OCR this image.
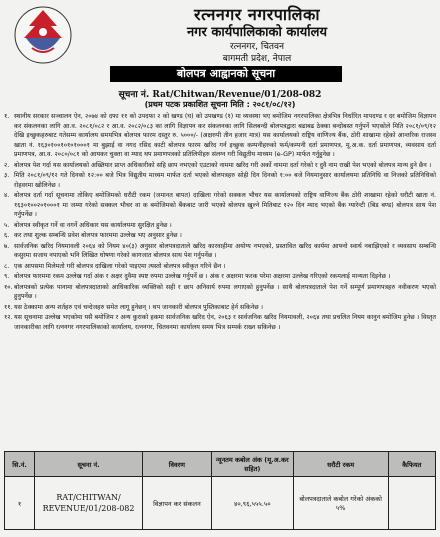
रत्ननगर नगरपालिका
नगर कार्यपालिकाको कार्यालय
रत्ननगर, चितवन
बागमती प्रदेश, नेपाल
बोलपत्र आह्वानको सूचना
सूचना नं. Rat/Chitwan/Revenue/01/208-082
(प्रथम पटक प्रकाशित सूचना मिति : २०८१/०८/१२)
१. स्थानीय सरकार सञ्चालन ऐन, २०७४ को दफा ११ को उपदफा २ को खण्ड (घ) को उपखण्ड (१) मा व्यवस्था भए बमोजिम नगरपालिका क्षेत्रभित्र निर्धारित मापदण्ड र दर बमोजिम विज्ञापन कर संकलनका लागि आ.व. २०८१/०८२ र आ.व. २०८२/०८३ का लागि विज्ञापन कर संकलनका लागि सिलबन्दी बोलपत्रद्वारा बढाबढ ठेक्का बन्दोबस्त गर्नुपर्ने भएकोले मिति २०८१/०९/१२ देखि इच्छुकहरुबाट गतेसम्म कार्यालय समयभित्र बोलपत्र फारम दस्तुर रु. ५०००/- (अक्षरुपी तीन हजार मात्र) यस कार्यालयको राष्ट्रिय वाणिज्य बैंक, ठोरी शाखामा रहेको आन्तरिक राजस्व खाता नं. १६३०१००१०१०१०००१ मा बुझाई वा नगद रसिद काटी बोलपत्र फारम खरिद गर्न इच्छुक कम्पनीहरुको फर्म/कम्पनी दर्ता प्रमाणपत्र, मू.अ.क. दर्ता प्रमाणपत्र, व्यवसाय दर्ता प्रमाणपत्र, आ.व. २०८०/०८१ को आयकर चुक्ता वा म्याद थप प्रमाणपत्रको प्रतिलिपीहरु संलग्न गरी विद्युतीय माध्यम (e-GP) मार्फत गर्नुहुनेछ ।
२. बोलपत्र पेश गर्दा यस कार्यालयको अख्तियार प्राप्त अधिकारीको सहि छाप नभएको एउटाको नाममा खरिद गरी अर्को नाममा दर्ता गरेको र दुवै नाम राखी पेश भएको बोलपत्र मान्य हुने छैन ।
३. मिति २०८१/०९/१२ गते दिनको १२:०० बजे भित्र विद्युतीय माध्यम मार्फत दर्ता भएको बोलपत्रहरु सोही दिन दिनको १:०० बजे नियमानुसार कार्यालयमा प्रतिनिधि वा निजको प्रतिनिधिको रोहवरमा खोलिनेछ ।
४. बोलपत्र दर्ता गर्दा सूचनामा तोकिए बमोजिमको धरौटी रकम (जमानत बापत) दाखिला गरेको सक्कल भौचर यस कार्यालयको राष्ट्रिय वाणिज्य बैंक ठोरी शाखामा रहेको धरौटी खाता नं. १६३०१००२०१०००१ मा जम्मा गरेको सक्कल भौचर वा क बमोजिमको बैंकबाट जारी भएको बोलपत्र खुल्ने मितिबाट १२० दिन म्याद भएको बैंक ग्यारेन्टी (बिड बण्ड) बोलपत्र साथ पेश गर्नुपर्नेछ ।
५. बोलपत्र स्वीकृत गर्ने वा नगर्ने अधिकार यस कार्यालयमा सुरक्षित हुनेछ ।
६. कर तथा शुल्क सम्बन्धि प्रवेश बोलपत्र फारममा उल्लेख भए अनुसार हुनेछ ।
७. सार्वजनिक खरिद नियमावली २०६४ को नियम ४०(३) अनुसार बोलपत्रदाताले खरिद कारवाहीमा अयोग्य नभएको, प्रस्तावित खरिद कार्यमा आफ्नो स्वार्थ नबाझिएको र व्यवसाय सम्बन्धि कसुरमा सजाय नपाएको भनि लिखित घोषणा गरेको कागजात बोलपत्र साथ पेश गर्नुपर्नेछ ।
८. एक आपसमा मिलेमतो गरी बोलपत्र दाखिला गरेको पाइएमा त्यस्तो बोलपत्र स्वीकृत गरिने छैन ।
९. बोलपत्र फारममा रकम उल्लेख गर्दा अंक र अक्षर दुवैमा स्पष्ट रुपमा उल्लेख गर्नुपर्ने छ । अंक र अक्षरमा फरक परेमा अक्षरमा उल्लेख गरिएको रकमलाई मान्यता दिइनेछ ।
१०. बोलपत्रको प्रत्येक पानामा बोलपत्रदाताको आधिकारिक व्यक्तिको सही र छाप अनिवार्य रुपमा लगाएको हुनुपर्नेछ । साथै बोलपत्रदाताले पेश गर्ने सम्पूर्ण प्रमाणपत्रहरु नवीकरण भएको हुनुपर्नेछ ।
११. यस ठेक्कामा अन्य शर्तहरु एवं चन्देजहरु समेत लागू हुनेछन् । थप जानकारी बोलपत्र पुस्तिकाबाट हेर्न सकिनेछ ।
१२. यस सूचनामा उल्लेख भएकोमा यसै बमोजिम र अन्य कुराको हकमा सार्वजनिक खरिद ऐन, २०६३ र सार्वजनिक खरिद नियमावली, २०६४ तथा प्रचलित नियम कानुन बमोजिम हुनेछ । विस्तृत जानकारीका लागि रत्ननगर नगरपालिकाको कार्यालय, रत्ननगर, चितवनमा कार्यालय समय भित्र सम्पर्क राख्न सकिनेछ ।
सि.नं.	सूचना नं.	विवरण	न्यूनतम कबोल अंक (मू.अ.कर सहित)	धरौटी रकम	कैफियत
१	RAT/CHITWAN/ REVENUE/01/208-082	विज्ञापन कर संकलन	४०,९६,५५५.५०	बोलपत्रदाताले कबोल गरेको अंकको ५%	
